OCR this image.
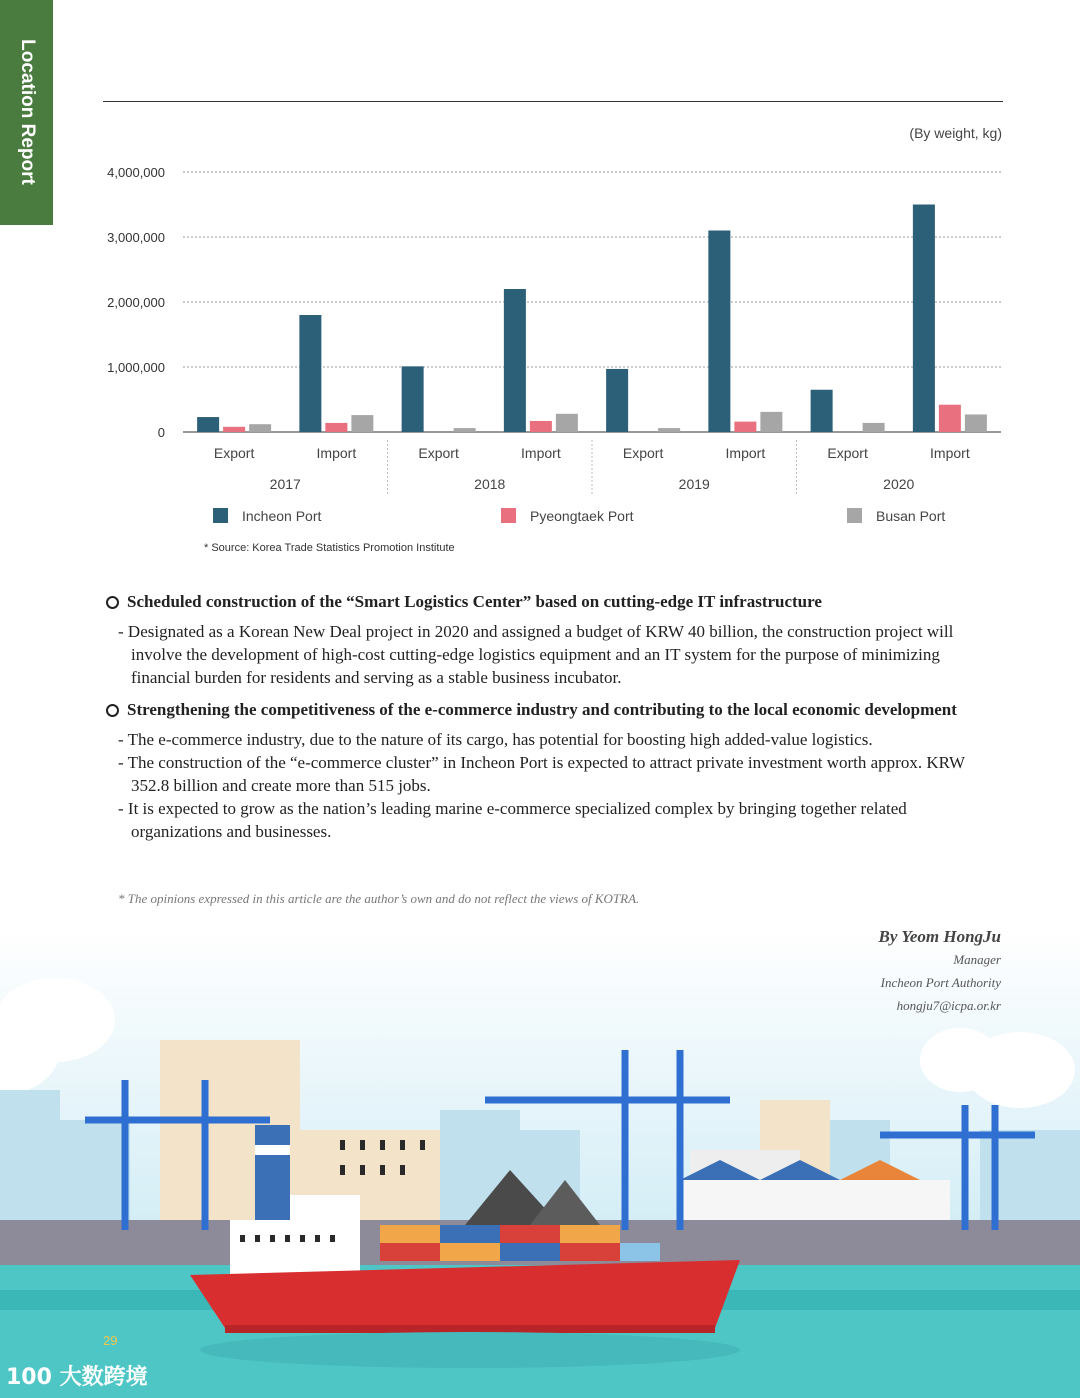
Location Report	(By weight, kg)
4,000,000
3,000,000
2,000,000
1,000,000
0
Export	Import	Export	Import	Export	Import	Export	Import
2017	2018	2019	2020
Incheon Port	Pyeongtaek Port	Busan Port
* Source: Korea Trade Statistics Promotion Institute
Scheduled construction of the “Smart Logistics Center” based on cutting-edge IT infrastructure
- Designated as a Korean New Deal project in 2020 and assigned a budget of KRW 40 billion, the construction project will involve the development of high-cost cutting-edge logistics equipment and an IT system for the purpose of minimizing financial burden for residents and serving as a stable business incubator.
Strengthening the competitiveness of the e-commerce industry and contributing to the local economic development
- The e-commerce industry, due to the nature of its cargo, has potential for boosting high added-value logistics.
- The construction of the “e-commerce cluster” in Incheon Port is expected to attract private investment worth approx. KRW 352.8 billion and create more than 515 jobs.
- It is expected to grow as the nation’s leading marine e-commerce specialized complex by bringing together related organizations and businesses.
* The opinions expressed in this article are the author’s own and do not reflect the views of KOTRA.
By Yeom HongJu
Manager
Incheon Port Authority
hongju7@icpa.or.kr
29
100 大数跨境
